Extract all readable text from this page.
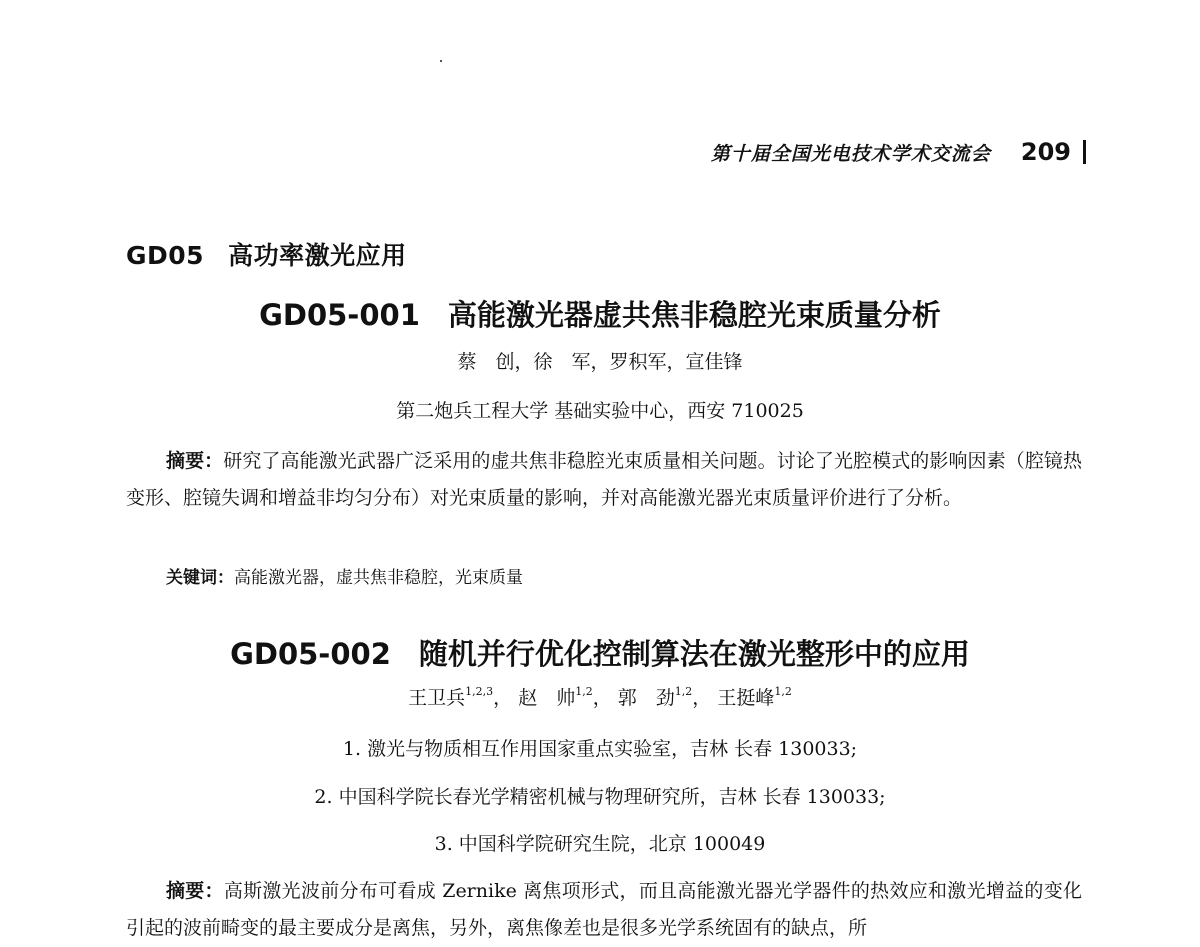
第十届全国光电技术学术交流会 209
GD05 高功率激光应用
GD05-001 高能激光器虚共焦非稳腔光束质量分析
蔡　创，徐　军，罗积军，宣佳锋
第二炮兵工程大学 基础实验中心，西安 710025

摘要：研究了高能激光武器广泛采用的虚共焦非稳腔光束质量相关问题。讨论了光腔模式的影响因素（腔镜热变形、腔镜失调和增益非均匀分布）对光束质量的影响，并对高能激光器光束质量评价进行了分析。

关键词：高能激光器，虚共焦非稳腔，光束质量
GD05-002 随机并行优化控制算法在激光整形中的应用
王卫兵$^{1,2,3}$， 赵　帅$^{1,2}$， 郭　劲$^{1,2}$， 王挺峰$^{1,2}$
1. 激光与物质相互作用国家重点实验室，吉林 长春 130033;
2. 中国科学院长春光学精密机械与物理研究所，吉林 长春 130033;
3. 中国科学院研究生院，北京 100049

摘要：高斯激光波前分布可看成 Zernike 离焦项形式，而且高能激光器光学器件的热效应和激光增益的变化引起的波前畸变的最主要成分是离焦，另外，离焦像差也是很多光学系统固有的缺点，所
